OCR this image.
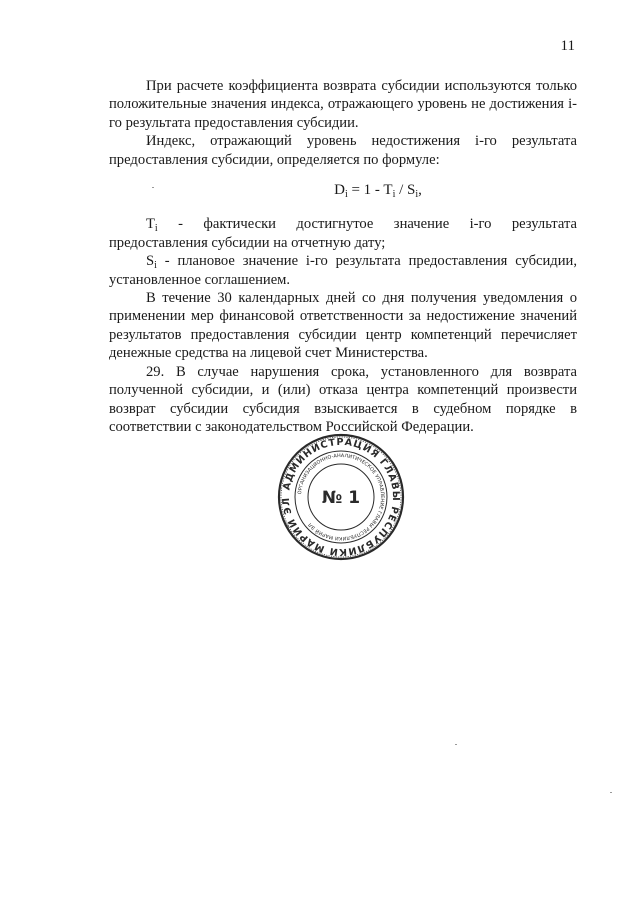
11

При расчете коэффициента возврата субсидии используются только положительные значения индекса, отражающего уровень не достижения i-го результата предоставления субсидии.

Индекс, отражающий уровень недостижения i-го результата предоставления субсидии, определяется по формуле:

$D_i = 1 - T_i / S_i$,

$T_i$ - фактически достигнутое значение i-го результата предоставления субсидии на отчетную дату;

$S_i$ - плановое значение i-го результата предоставления субсидии, установленное соглашением.

В течение 30 календарных дней со дня получения уведомления о применении мер финансовой ответственности за недостижение значений результатов предоставления субсидии центр компетенций перечисляет денежные средства на лицевой счет Министерства.

29. В случае нарушения срока, установленного для возврата полученной субсидии, и (или) отказа центра компетенций произвести возврат субсидии субсидия взыскивается в судебном порядке в соответствии с законодательством Российской Федерации.

АДМИНИСТРАЦИЯ ГЛАВЫ РЕСПУБЛИКИ МАРИЙ ЭЛ
ОРГАНИЗАЦИОННО-АНАЛИТИЧЕСКОЕ УПРАВЛЕНИЕ ГЛАВЫ РЕСПУБЛИКИ МАРИЙ ЭЛ
№ 1
